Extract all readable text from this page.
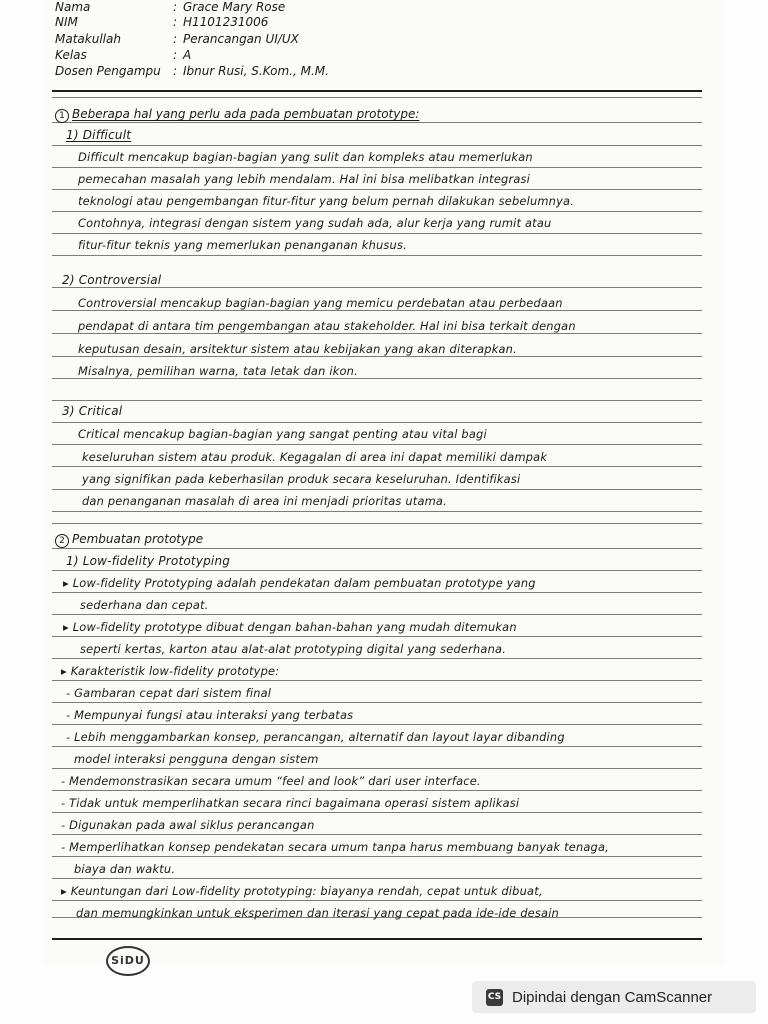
Nama	: Grace Mary Rose
NIM	: H1101231006
Matakullah	: Perancangan UI/UX
Kelas	: A
Dosen Pengampu : Ibnur Rusi, S.Kom., M.M.
1 Beberapa hal yang perlu ada pada pembuatan prototype:
1) Difficult
Difficult mencakup bagian-bagian yang sulit dan kompleks atau memerlukan
pemecahan masalah yang lebih mendalam. Hal ini bisa melibatkan integrasi
teknologi atau pengembangan fitur-fitur yang belum pernah dilakukan sebelumnya.
Contohnya, integrasi dengan sistem yang sudah ada, alur kerja yang rumit atau
fitur-fitur teknis yang memerlukan penanganan khusus.
2) Controversial
Controversial mencakup bagian-bagian yang memicu perdebatan atau perbedaan
pendapat di antara tim pengembangan atau stakeholder. Hal ini bisa terkait dengan
keputusan desain, arsitektur sistem atau kebijakan yang akan diterapkan.
Misalnya, pemilihan warna, tata letak dan ikon.
3) Critical
Critical mencakup bagian-bagian yang sangat penting atau vital bagi
keseluruhan sistem atau produk. Kegagalan di area ini dapat memiliki dampak
yang signifikan pada keberhasilan produk secara keseluruhan. Identifikasi
dan penanganan masalah di area ini menjadi prioritas utama.
2 Pembuatan prototype
1) Low-fidelity Prototyping
▸ Low-fidelity Prototyping adalah pendekatan dalam pembuatan prototype yang
sederhana dan cepat.
▸ Low-fidelity prototype dibuat dengan bahan-bahan yang mudah ditemukan
seperti kertas, karton atau alat-alat prototyping digital yang sederhana.
▸ Karakteristik low-fidelity prototype:
- Gambaran cepat dari sistem final
- Mempunyai fungsi atau interaksi yang terbatas
- Lebih menggambarkan konsep, perancangan, alternatif dan layout layar dibanding
model interaksi pengguna dengan sistem
- Mendemonstrasikan secara umum “feel and look” dari user interface.
- Tidak untuk memperlihatkan secara rinci bagaimana operasi sistem aplikasi
- Digunakan pada awal siklus perancangan
- Memperlihatkan konsep pendekatan secara umum tanpa harus membuang banyak tenaga,
biaya dan waktu.
▸ Keuntungan dari Low-fidelity prototyping: biayanya rendah, cepat untuk dibuat,
dan memungkinkan untuk eksperimen dan iterasi yang cepat pada ide-ide desain
SiDU
CS Dipindai dengan CamScanner
